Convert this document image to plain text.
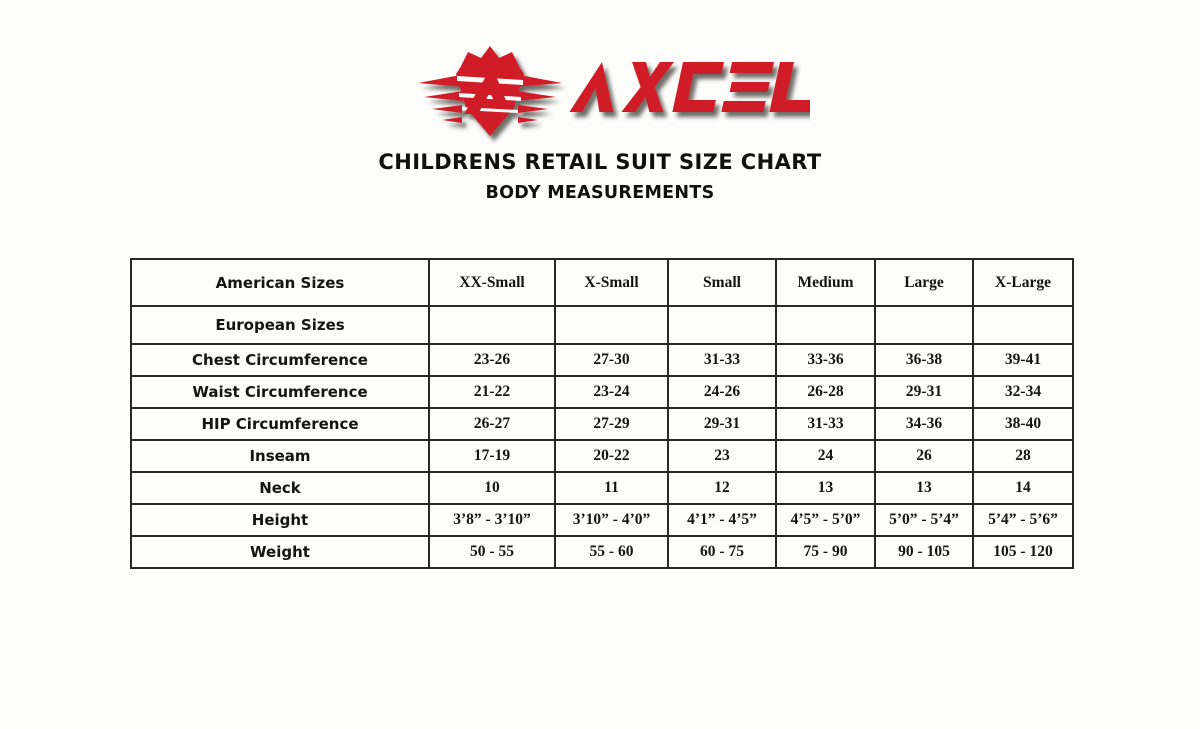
CHILDRENS RETAIL SUIT SIZE CHART
BODY MEASUREMENTS
American Sizes	XX-Small	X-Small	Small	Medium	Large	X-Large
European Sizes						
Chest Circumference	23-26	27-30	31-33	33-36	36-38	39-41
Waist Circumference	21-22	23-24	24-26	26-28	29-31	32-34
HIP Circumference	26-27	27-29	29-31	31-33	34-36	38-40
Inseam	17-19	20-22	23	24	26	28
Neck	10	11	12	13	13	14
Height	3’8” - 3’10”	3’10” - 4’0”	4’1” - 4’5”	4’5” - 5’0”	5’0” - 5’4”	5’4” - 5’6”
Weight	50 - 55	55 - 60	60 - 75	75 - 90	90 - 105	105 - 120
